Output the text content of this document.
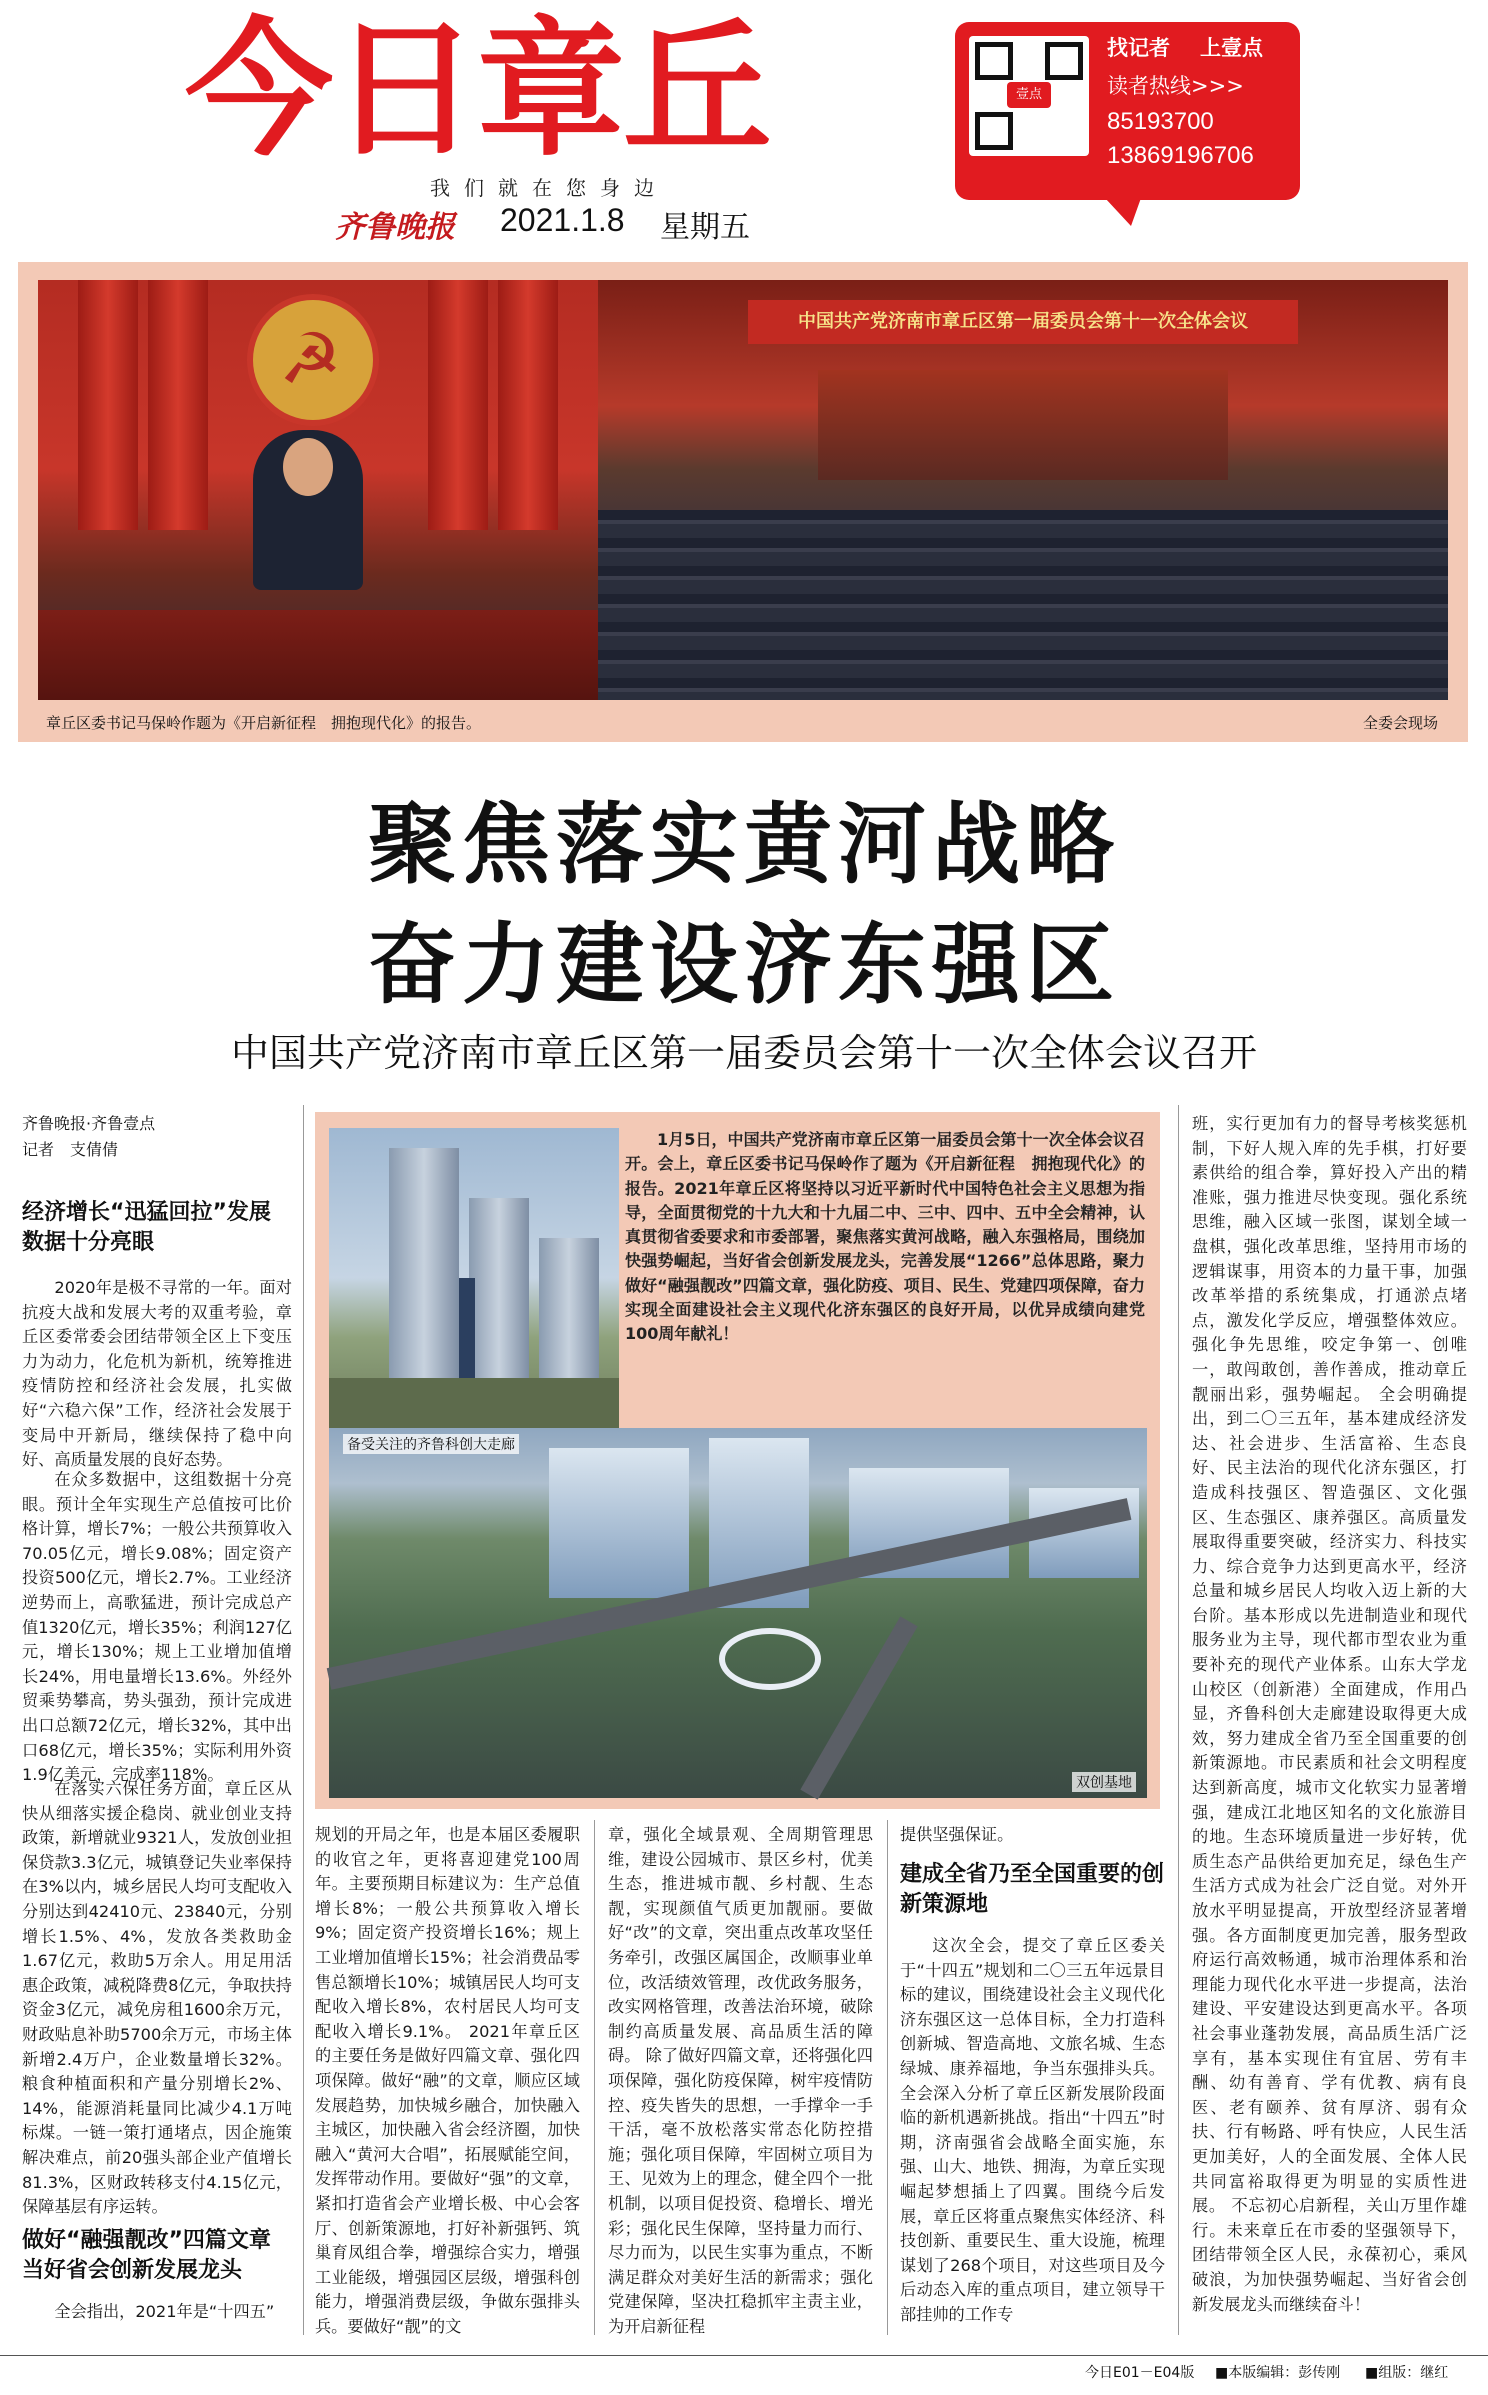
今日章丘
我们就在您身边
齐鲁晚报 2021.1.8 星期五
壹点
找记者 上壹点
读者热线>>>
85193700
13869196706
☭	中国共产党济南市章丘区第一届委员会第十一次全体会议
章丘区委书记马保岭作题为《开启新征程　拥抱现代化》的报告。	全委会现场
聚焦落实黄河战略
奋力建设济东强区
中国共产党济南市章丘区第一届委员会第十一次全体会议召开
齐鲁晚报·齐鲁壹点
记者　支倩倩
经济增长“迅猛回拉”发展数据十分亮眼
2020年是极不寻常的一年。面对抗疫大战和发展大考的双重考验，章丘区委常委会团结带领全区上下变压力为动力，化危机为新机，统筹推进疫情防控和经济社会发展，扎实做好“六稳六保”工作，经济社会发展于变局中开新局，继续保持了稳中向好、高质量发展的良好态势。
在众多数据中，这组数据十分亮眼。预计全年实现生产总值按可比价格计算，增长7%；一般公共预算收入70.05亿元，增长9.08%；固定资产投资500亿元，增长2.7%。工业经济逆势而上，高歌猛进，预计完成总产值1320亿元，增长35%；利润127亿元，增长130%；规上工业增加值增长24%，用电量增长13.6%。外经外贸乘势攀高，势头强劲，预计完成进出口总额72亿元，增长32%，其中出口68亿元，增长35%；实际利用外资1.9亿美元，完成率118%。
在落实六保任务方面，章丘区从快从细落实援企稳岗、就业创业支持政策，新增就业9321人，发放创业担保贷款3.3亿元，城镇登记失业率保持在3%以内，城乡居民人均可支配收入分别达到42410元、23840元，分别增长1.5%、4%，发放各类救助金1.67亿元，救助5万余人。用足用活惠企政策，减税降费8亿元，争取扶持资金3亿元，减免房租1600余万元，财政贴息补助5700余万元，市场主体新增2.4万户，企业数量增长32%。粮食种植面积和产量分别增长2%、14%，能源消耗量同比减少4.1万吨标煤。一链一策打通堵点，因企施策解决难点，前20强头部企业产值增长81.3%，区财政转移支付4.15亿元，保障基层有序运转。
做好“融强靓改”四篇文章当好省会创新发展龙头
全会指出，2021年是“十四五”
1月5日，中国共产党济南市章丘区第一届委员会第十一次全体会议召开。会上，章丘区委书记马保岭作了题为《开启新征程　拥抱现代化》的报告。2021年章丘区将坚持以习近平新时代中国特色社会主义思想为指导，全面贯彻党的十九大和十九届二中、三中、四中、五中全会精神，认真贯彻省委要求和市委部署，聚焦落实黄河战略，融入东强格局，围绕加快强势崛起，当好省会创新发展龙头，完善发展“1266”总体思路，聚力做好“融强靓改”四篇文章，强化防疫、项目、民生、党建四项保障，奋力实现全面建设社会主义现代化济东强区的良好开局，以优异成绩向建党100周年献礼！
备受关注的齐鲁科创大走廊
双创基地
规划的开局之年，也是本届区委履职的收官之年，更将喜迎建党100周年。主要预期目标建议为：生产总值增长8%；一般公共预算收入增长9%；固定资产投资增长16%；规上工业增加值增长15%；社会消费品零售总额增长10%；城镇居民人均可支配收入增长8%，农村居民人均可支配收入增长9.1%。 2021年章丘区的主要任务是做好四篇文章、强化四项保障。做好“融”的文章，顺应区域发展趋势，加快城乡融合，加快融入主城区，加快融入省会经济圈，加快融入“黄河大合唱”，拓展赋能空间，发挥带动作用。要做好“强”的文章，紧扣打造省会产业增长极、中心会客厅、创新策源地，打好补新强钙、筑巢育凤组合拳，增强综合实力，增强工业能级，增强园区层级，增强科创能力，增强消费层级，争做东强排头兵。要做好“靓”的文
章，强化全域景观、全周期管理思维，建设公园城市、景区乡村，优美生态，推进城市靓、乡村靓、生态靓，实现颜值气质更加靓丽。要做好“改”的文章，突出重点改革攻坚任务牵引，改强区属国企，改顺事业单位，改活绩效管理，改优政务服务，改实网格管理，改善法治环境，破除制约高质量发展、高品质生活的障碍。 除了做好四篇文章，还将强化四项保障，强化防疫保障，树牢疫情防控、疫失皆失的思想，一手撑伞一手干活，毫不放松落实常态化防控措施；强化项目保障，牢固树立项目为王、见效为上的理念，健全四个一批机制，以项目促投资、稳增长、增光彩；强化民生保障，坚持量力而行、尽力而为，以民生实事为重点，不断满足群众对美好生活的新需求；强化党建保障，坚决扛稳抓牢主责主业，为开启新征程
提供坚强保证。
建成全省乃至全国重要的创新策源地
这次全会，提交了章丘区委关于“十四五”规划和二〇三五年远景目标的建议，围绕建设社会主义现代化济东强区这一总体目标，全力打造科创新城、智造高地、文旅名城、生态绿城、康养福地，争当东强排头兵。 全会深入分析了章丘区新发展阶段面临的新机遇新挑战。指出“十四五”时期，济南强省会战略全面实施，东强、山大、地铁、拥海，为章丘实现崛起梦想插上了四翼。围绕今后发展，章丘区将重点聚焦实体经济、科技创新、重要民生、重大设施，梳理谋划了268个项目，对这些项目及今后动态入库的重点项目，建立领导干部挂帅的工作专
班，实行更加有力的督导考核奖惩机制，下好人规入库的先手棋，打好要素供给的组合拳，算好投入产出的精准账，强力推进尽快变现。强化系统思维，融入区域一张图，谋划全域一盘棋，强化改革思维，坚持用市场的逻辑谋事，用资本的力量干事，加强改革举措的系统集成，打通淤点堵点，激发化学反应，增强整体效应。强化争先思维，咬定争第一、创唯一，敢闯敢创，善作善成，推动章丘靓丽出彩，强势崛起。 全会明确提出，到二〇三五年，基本建成经济发达、社会进步、生活富裕、生态良好、民主法治的现代化济东强区，打造成科技强区、智造强区、文化强区、生态强区、康养强区。高质量发展取得重要突破，经济实力、科技实力、综合竞争力达到更高水平，经济总量和城乡居民人均收入迈上新的大台阶。基本形成以先进制造业和现代服务业为主导，现代都市型农业为重要补充的现代产业体系。山东大学龙山校区（创新港）全面建成，作用凸显，齐鲁科创大走廊建设取得更大成效，努力建成全省乃至全国重要的创新策源地。市民素质和社会文明程度达到新高度，城市文化软实力显著增强，建成江北地区知名的文化旅游目的地。生态环境质量进一步好转，优质生态产品供给更加充足，绿色生产生活方式成为社会广泛自觉。对外开放水平明显提高，开放型经济显著增强。各方面制度更加完善，服务型政府运行高效畅通，城市治理体系和治理能力现代化水平进一步提高，法治建设、平安建设达到更高水平。各项社会事业蓬勃发展，高品质生活广泛享有，基本实现住有宜居、劳有丰酬、幼有善育、学有优教、病有良医、老有颐养、贫有厚济、弱有众扶、行有畅路、呼有快应，人民生活更加美好，人的全面发展、全体人民共同富裕取得更为明显的实质性进展。 不忘初心启新程，关山万里作雄行。未来章丘在市委的坚强领导下，团结带领全区人民，永葆初心，乘风破浪，为加快强势崛起、当好省会创新发展龙头而继续奋斗！
今日E01－E04版 ■本版编辑：彭传刚 ■组版：继红
